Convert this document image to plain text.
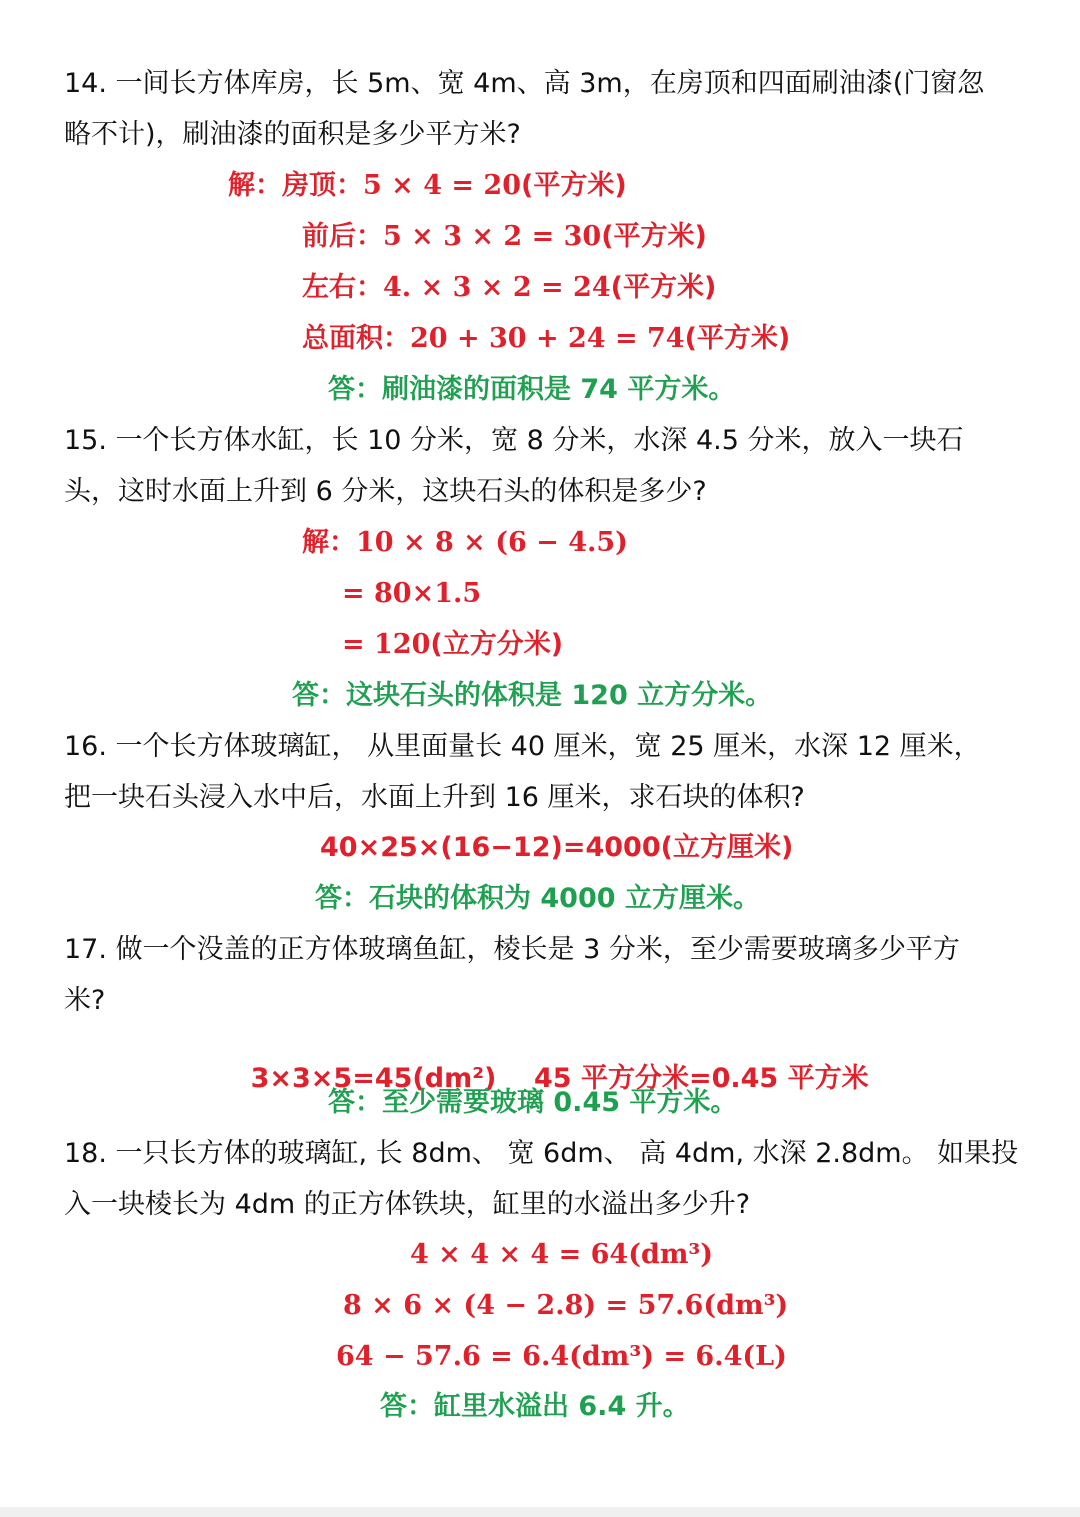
14. 一间长方体库房，长 5m、宽 4m、高 3m，在房顶和四面刷油漆(门窗忽
略不计)，刷油漆的面积是多少平方米?
解：房顶：5 × 4 = 20(平方米)
前后：5 × 3 × 2 = 30(平方米)
左右：4. × 3 × 2 = 24(平方米)
总面积：20 + 30 + 24 = 74(平方米)
答：刷油漆的面积是 74 平方米。
15. 一个长方体水缸，长 10 分米，宽 8 分米，水深 4.5 分米，放入一块石
头，这时水面上升到 6 分米，这块石头的体积是多少?
解：10 × 8 × (6 − 4.5)
= 80×1.5
= 120(立方分米)
答：这块石头的体积是 120 立方分米。
16. 一个长方体玻璃缸， 从里面量长 40 厘米，宽 25 厘米，水深 12 厘米，
把一块石头浸入水中后，水面上升到 16 厘米，求石块的体积?
40×25×(16−12)=4000(立方厘米)
答：石块的体积为 4000 立方厘米。
17. 做一个没盖的正方体玻璃鱼缸，棱长是 3 分米，至少需要玻璃多少平方
米?

3×3×5=45(dm²)    45 平方分米=0.45 平方米

答：至少需要玻璃 0.45 平方米。
18. 一只长方体的玻璃缸, 长 8dm、 宽 6dm、 高 4dm, 水深 2.8dm。 如果投
入一块棱长为 4dm 的正方体铁块，缸里的水溢出多少升?
4 × 4 × 4 = 64(dm³)
8 × 6 × (4 − 2.8) = 57.6(dm³)
64 − 57.6 = 6.4(dm³) = 6.4(L)
答：缸里水溢出 6.4 升。
